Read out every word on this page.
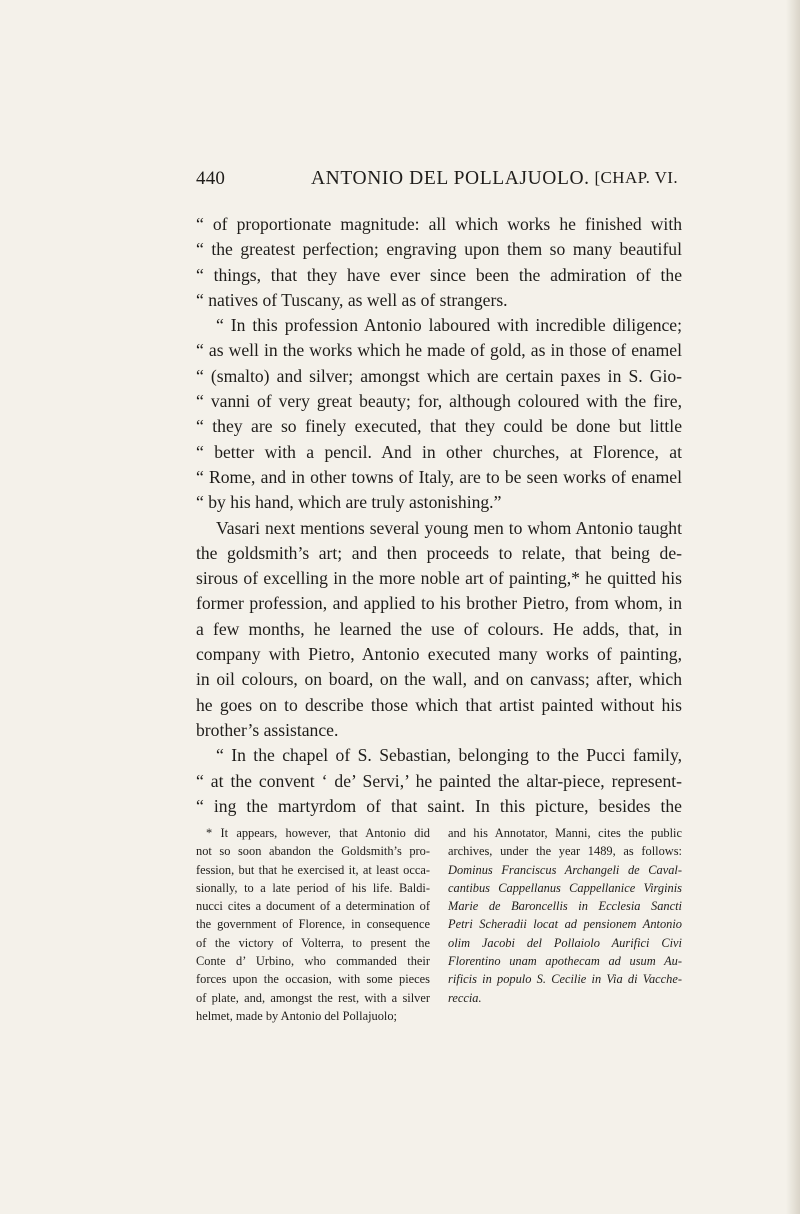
440	ANTONIO DEL POLLAJUOLO. [CHAP. VI.
“ of proportionate magnitude: all which works he finished with
“ the greatest perfection; engraving upon them so many beautiful
“ things, that they have ever since been the admiration of the
“ natives of Tuscany, as well as of strangers.
“ In this profession Antonio laboured with incredible diligence;
“ as well in the works which he made of gold, as in those of enamel
“ (smalto) and silver; amongst which are certain paxes in S. Gio-
“ vanni of very great beauty; for, although coloured with the fire,
“ they are so finely executed, that they could be done but little
“ better with a pencil. And in other churches, at Florence, at
“ Rome, and in other towns of Italy, are to be seen works of enamel
“ by his hand, which are truly astonishing.”
Vasari next mentions several young men to whom Antonio taught
the goldsmith’s art; and then proceeds to relate, that being de-
sirous of excelling in the more noble art of painting,* he quitted his
former profession, and applied to his brother Pietro, from whom, in
a few months, he learned the use of colours. He adds, that, in
company with Pietro, Antonio executed many works of painting,
in oil colours, on board, on the wall, and on canvass; after, which
he goes on to describe those which that artist painted without his
brother’s assistance.
“ In the chapel of S. Sebastian, belonging to the Pucci family,
“ at the convent ‘ de’ Servi,’ he painted the altar-piece, represent-
“ ing the martyrdom of that saint. In this picture, besides the
* It appears, however, that Antonio did
not so soon abandon the Goldsmith’s pro-
fession, but that he exercised it, at least occa-
sionally, to a late period of his life. Baldi-
nucci cites a document of a determination of
the government of Florence, in consequence
of the victory of Volterra, to present the
Conte d’ Urbino, who commanded their
forces upon the occasion, with some pieces
of plate, and, amongst the rest, with a silver
helmet, made by Antonio del Pollajuolo;
and his Annotator, Manni, cites the public
archives, under the year 1489, as follows:
Dominus Franciscus Archangeli de Caval-
cantibus Cappellanus Cappellanice Virginis
Marie de Baroncellis in Ecclesia Sancti
Petri Scheradii locat ad pensionem Antonio
olim Jacobi del Pollaiolo Aurifici Civi
Florentino unam apothecam ad usum Au-
rificis in populo S. Cecilie in Via di Vacche-
reccia.
